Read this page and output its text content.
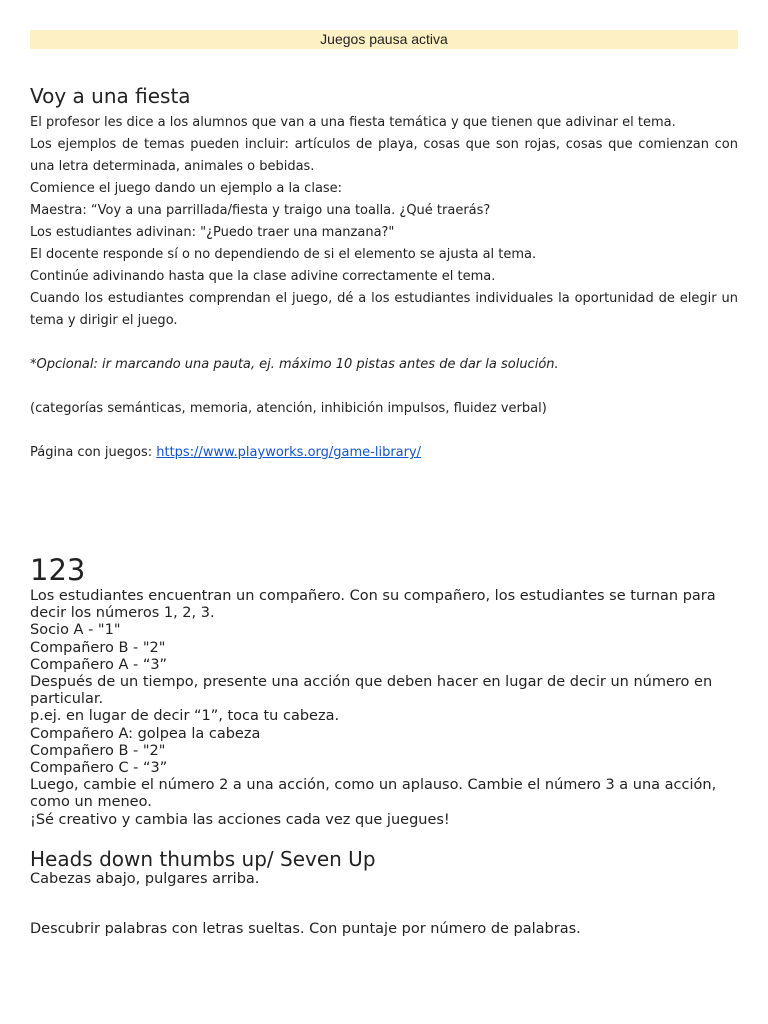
Juegos pausa activa
Voy a una fiesta

El profesor les dice a los alumnos que van a una fiesta temática y que tienen que adivinar el tema.

Los ejemplos de temas pueden incluir: artículos de playa, cosas que son rojas, cosas que comienzan con una letra determinada, animales o bebidas.

Comience el juego dando un ejemplo a la clase:

Maestra: “Voy a una parrillada/fiesta y traigo una toalla. ¿Qué traerás?

Los estudiantes adivinan: "¿Puedo traer una manzana?"

El docente responde sí o no dependiendo de si el elemento se ajusta al tema.

Continúe adivinando hasta que la clase adivine correctamente el tema.

Cuando los estudiantes comprendan el juego, dé a los estudiantes individuales la oportunidad de elegir un tema y dirigir el juego.

*Opcional: ir marcando una pauta, ej. máximo 10 pistas antes de dar la solución.

(categorías semánticas, memoria, atención, inhibición impulsos, fluidez verbal)

Página con juegos: https://www.playworks.org/game-library/

123

Los estudiantes encuentran un compañero. Con su compañero, los estudiantes se turnan para decir los números 1, 2, 3.

Socio A - "1"

Compañero B - "2"

Compañero A - “3”

Después de un tiempo, presente una acción que deben hacer en lugar de decir un número en particular.

p.ej. en lugar de decir “1”, toca tu cabeza.

Compañero A: golpea la cabeza

Compañero B - "2"

Compañero C - “3”

Luego, cambie el número 2 a una acción, como un aplauso. Cambie el número 3 a una acción, como un meneo.

¡Sé creativo y cambia las acciones cada vez que juegues!

Heads down thumbs up/ Seven Up

Cabezas abajo, pulgares arriba.

Descubrir palabras con letras sueltas. Con puntaje por número de palabras.
